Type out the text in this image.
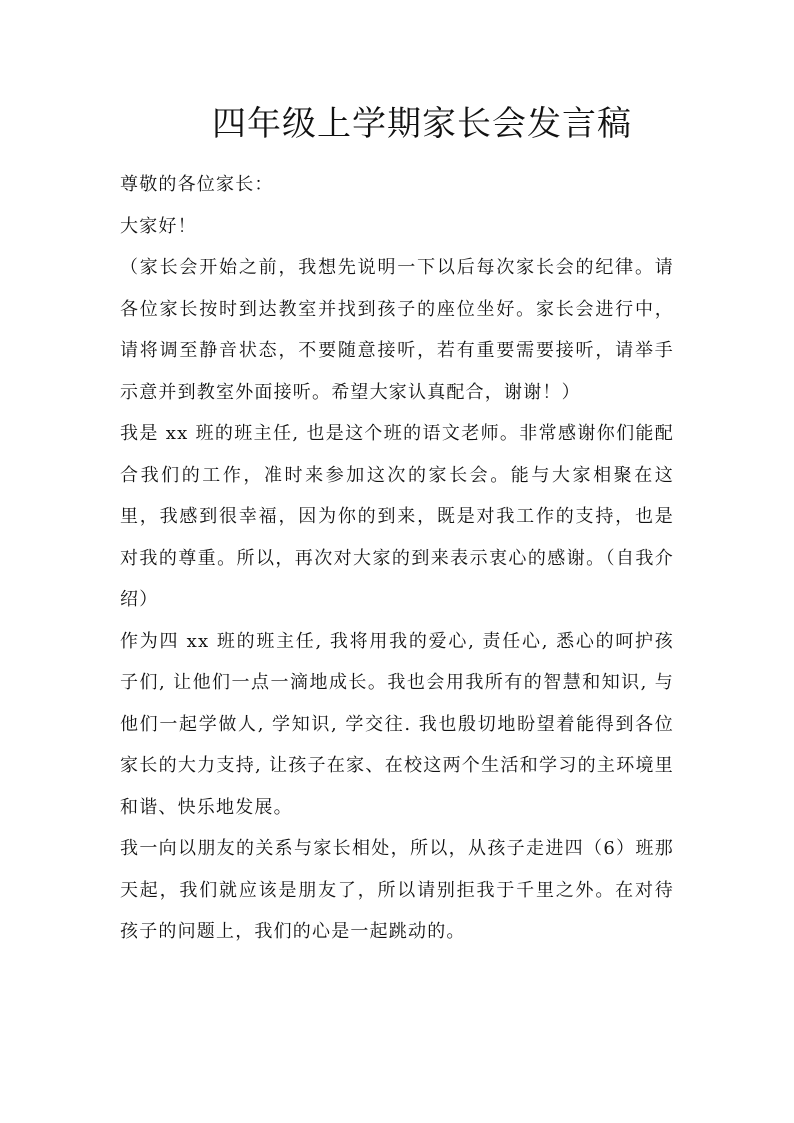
四年级上学期家长会发言稿

尊敬的各位家长：

大家好！

（家长会开始之前，我想先说明一下以后每次家长会的纪律。请各位家长按时到达教室并找到孩子的座位坐好。家长会进行中，请将调至静音状态，不要随意接听，若有重要需要接听，请举手示意并到教室外面接听。希望大家认真配合，谢谢！）

我是 xx 班的班主任, 也是这个班的语文老师。非常感谢你们能配合我们的工作，准时来参加这次的家长会。能与大家相聚在这里，我感到很幸福，因为你的到来，既是对我工作的支持，也是对我的尊重。所以，再次对大家的到来表示衷心的感谢。（自我介绍）

作为四 xx 班的班主任, 我将用我的爱心, 责任心, 悉心的呵护孩子们, 让他们一点一滴地成长。我也会用我所有的智慧和知识, 与他们一起学做人, 学知识, 学交往. 我也殷切地盼望着能得到各位家长的大力支持, 让孩子在家、在校这两个生活和学习的主环境里和谐、快乐地发展。

我一向以朋友的关系与家长相处，所以，从孩子走进四（6）班那天起，我们就应该是朋友了，所以请别拒我于千里之外。在对待孩子的问题上，我们的心是一起跳动的。
